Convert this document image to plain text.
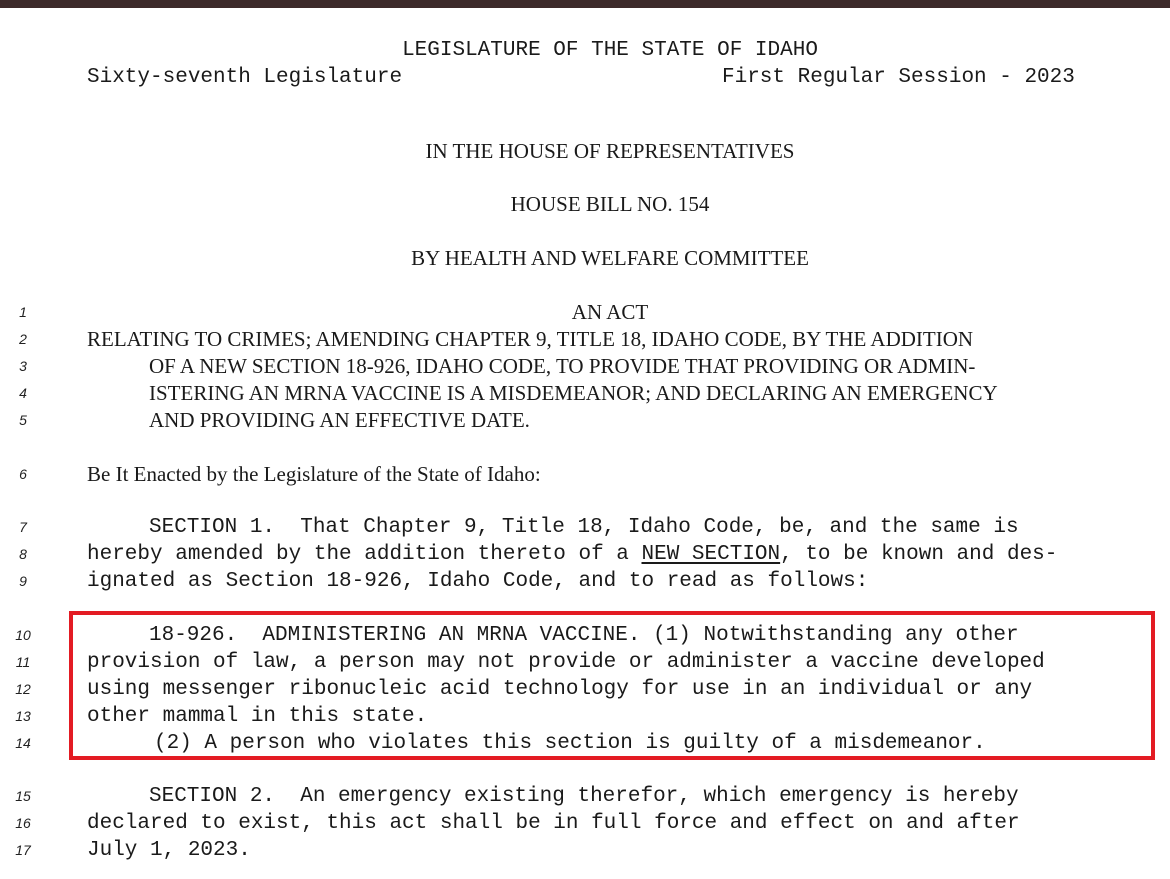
LEGISLATURE OF THE STATE OF IDAHO
Sixty-seventh Legislature	First Regular Session - 2023
IN THE HOUSE OF REPRESENTATIVES
HOUSE BILL NO. 154
BY HEALTH AND WELFARE COMMITTEE
1
2
3
4
5
6
7
8
9
10
11
12
13
14
15
16
17
AN ACT
RELATING TO CRIMES; AMENDING CHAPTER 9, TITLE 18, IDAHO CODE, BY THE ADDITION
OF A NEW SECTION 18-926, IDAHO CODE, TO PROVIDE THAT PROVIDING OR ADMIN-
ISTERING AN MRNA VACCINE IS A MISDEMEANOR; AND DECLARING AN EMERGENCY
AND PROVIDING AN EFFECTIVE DATE.
Be It Enacted by the Legislature of the State of Idaho:
SECTION 1.  That Chapter 9, Title 18, Idaho Code, be, and the same is
hereby amended by the addition thereto of a NEW SECTION, to be known and des-
ignated as Section 18-926, Idaho Code, and to read as follows:
18-926.  ADMINISTERING AN MRNA VACCINE. (1) Notwithstanding any other
provision of law, a person may not provide or administer a vaccine developed
using messenger ribonucleic acid technology for use in an individual or any
other mammal in this state.
(2) A person who violates this section is guilty of a misdemeanor.
SECTION 2.  An emergency existing therefor, which emergency is hereby
declared to exist, this act shall be in full force and effect on and after
July 1, 2023.
